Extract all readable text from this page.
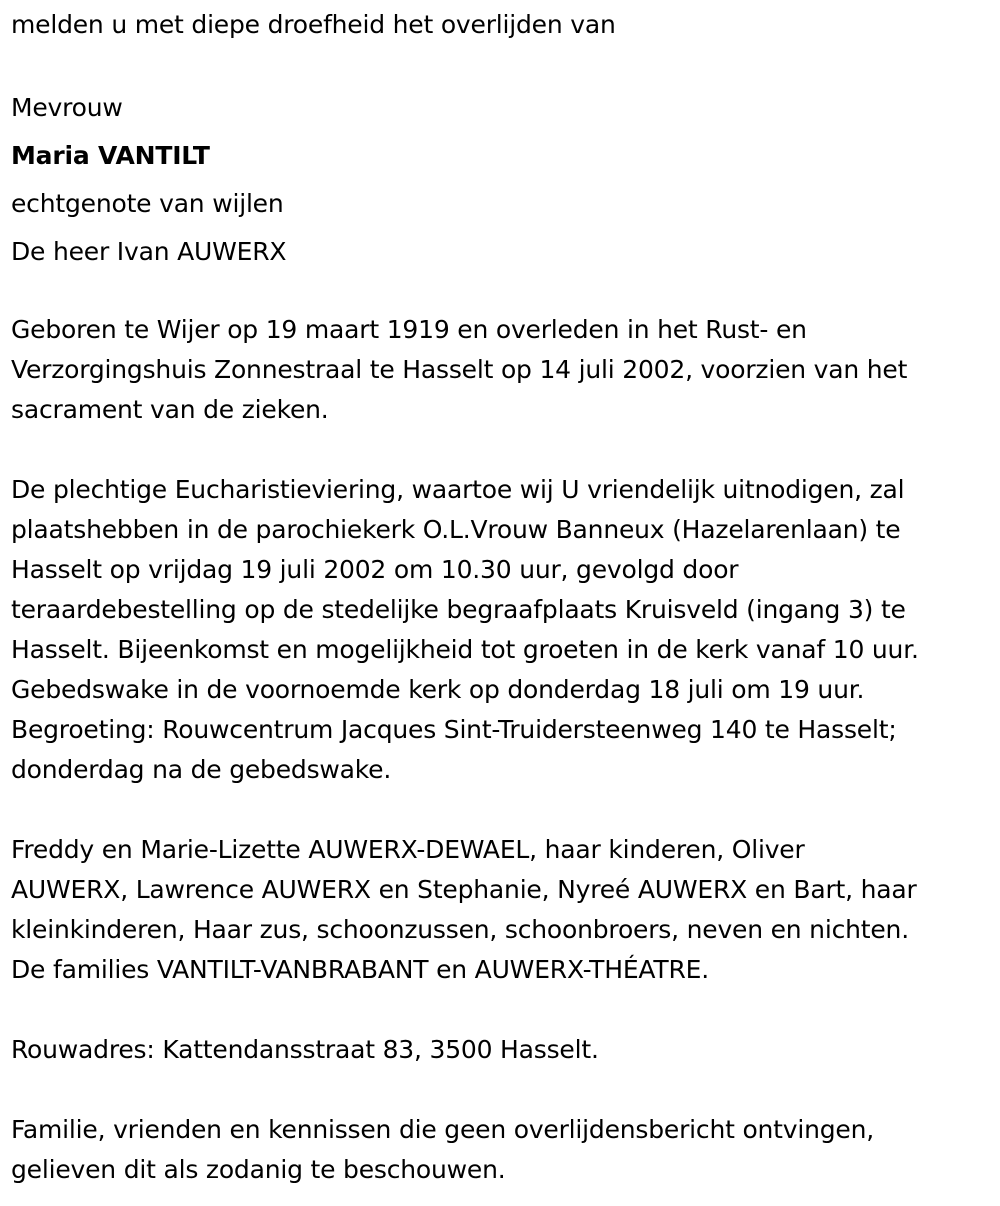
melden u met diepe droefheid het overlijden van
Mevrouw
Maria VANTILT
echtgenote van wijlen
De heer Ivan AUWERX
Geboren te Wijer op 19 maart 1919 en overleden in het Rust- en
Verzorgingshuis Zonnestraal te Hasselt op 14 juli 2002, voorzien van het
sacrament van de zieken.
De plechtige Eucharistieviering, waartoe wij U vriendelijk uitnodigen, zal
plaatshebben in de parochiekerk O.L.Vrouw Banneux (Hazelarenlaan) te
Hasselt op vrijdag 19 juli 2002 om 10.30 uur, gevolgd door
teraardebestelling op de stedelijke begraafplaats Kruisveld (ingang 3) te
Hasselt. Bijeenkomst en mogelijkheid tot groeten in de kerk vanaf 10 uur.
Gebedswake in de voornoemde kerk op donderdag 18 juli om 19 uur.
Begroeting: Rouwcentrum Jacques Sint-Truidersteenweg 140 te Hasselt;
donderdag na de gebedswake.
Freddy en Marie-Lizette AUWERX-DEWAEL, haar kinderen, Oliver
AUWERX, Lawrence AUWERX en Stephanie, Nyreé AUWERX en Bart, haar
kleinkinderen, Haar zus, schoonzussen, schoonbroers, neven en nichten.
De families VANTILT-VANBRABANT en AUWERX-THÉATRE.
Rouwadres: Kattendansstraat 83, 3500 Hasselt.
Familie, vrienden en kennissen die geen overlijdensbericht ontvingen,
gelieven dit als zodanig te beschouwen.
